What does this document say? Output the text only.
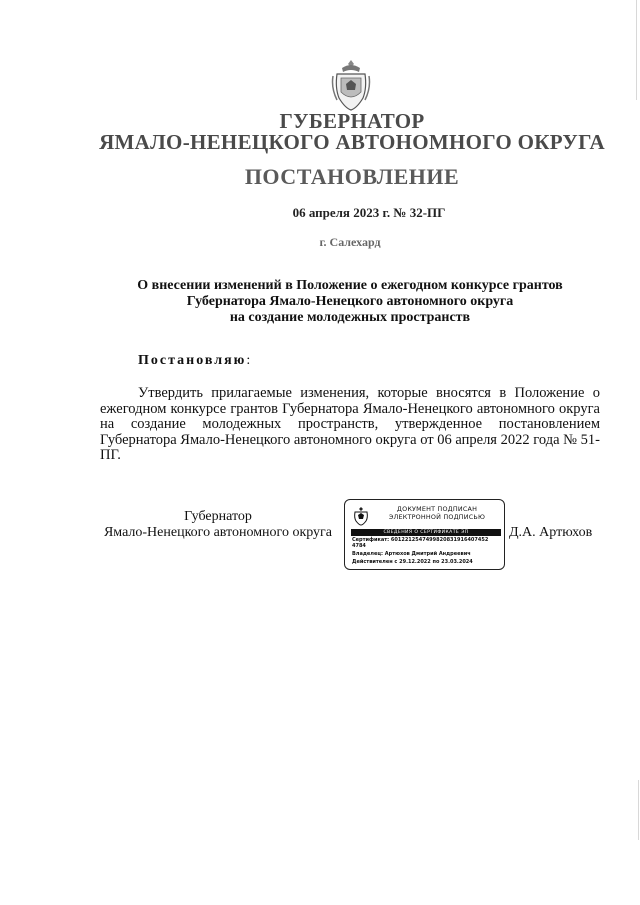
ГУБЕРНАТОР
ЯМАЛО-НЕНЕЦКОГО АВТОНОМНОГО ОКРУГА
ПОСТАНОВЛЕНИЕ
06 апреля 2023 г. № 32-ПГ
г. Салехард
О внесении изменений в Положение о ежегодном конкурсе грантов
Губернатора Ямало-Ненецкого автономного округа
на создание молодежных пространств
Постановляю:
Утвердить прилагаемые изменения, которые вносятся в Положение о ежегодном конкурсе грантов Губернатора Ямало-Ненецкого автономного округа на создание молодежных пространств, утвержденное постановлением Губернатора Ямало-Ненецкого автономного округа от 06 апреля 2022 года № 51-ПГ.
Губернатор
Ямало-Ненецкого автономного округа	Д.А. Артюхов
ДОКУМЕНТ ПОДПИСАН
ЭЛЕКТРОННОЙ ПОДПИСЬЮ
СВЕДЕНИЯ О СЕРТИФИКАТЕ ЭП
Сертификат: 6012212547499820831916407452
4784
Владелец: Артюхов Дмитрий Андреевич
Действителен с 29.12.2022 по 23.03.2024
